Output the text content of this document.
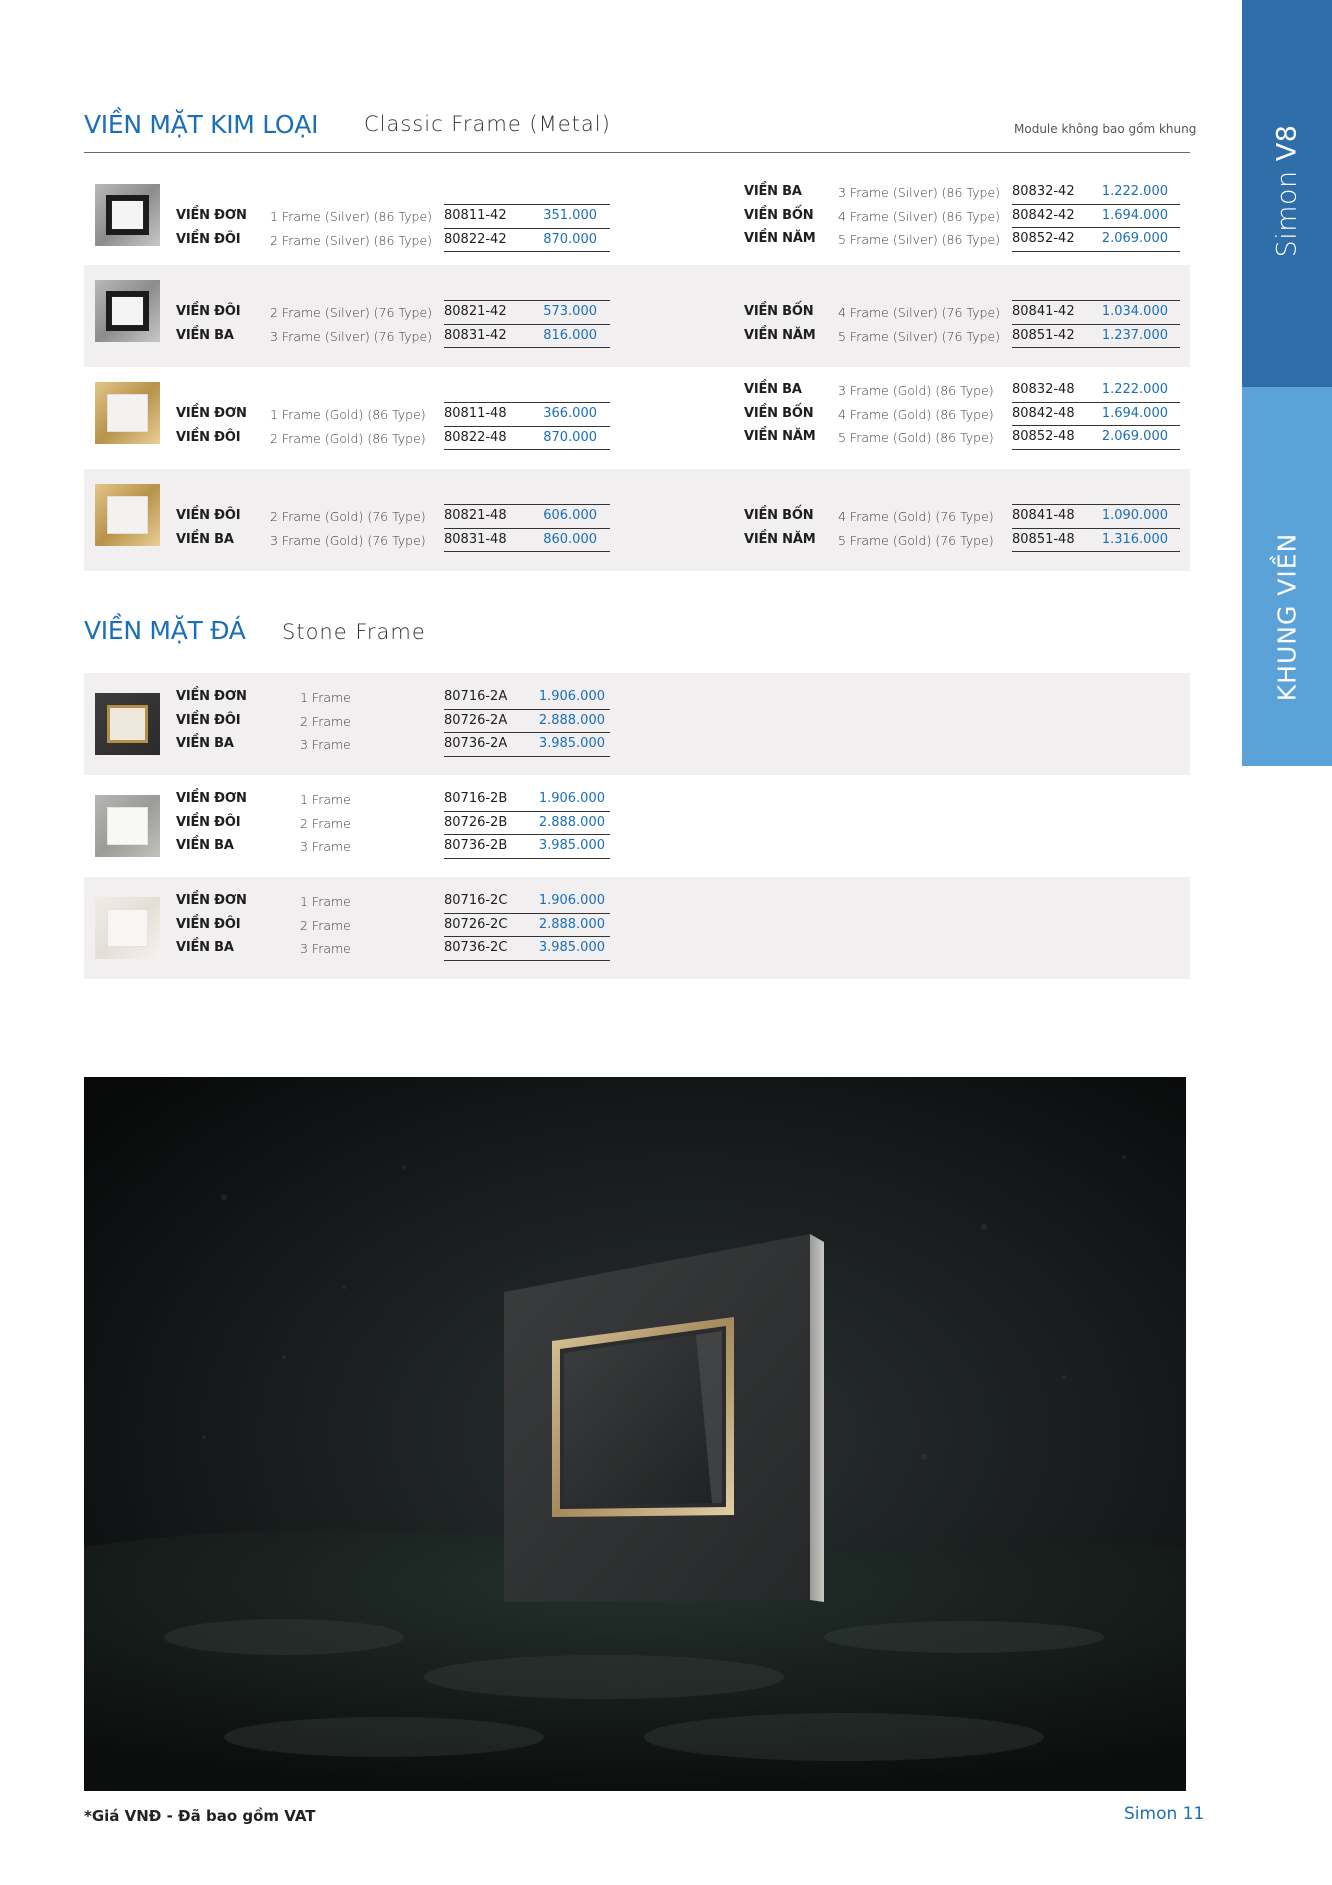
Simon V8
KHUNG VIỀN
VIỀN MẶT KIM LOẠI Classic Frame (Metal)	Module không bao gồm khung
VIỀN ĐƠN 1 Frame (Silver) (86 Type) 80811-42	351.000
VIỀN ĐÔI 2 Frame (Silver) (86 Type) 80822-42	870.000
VIỀN BA	3 Frame (Silver) (86 Type) 80832-42	1.222.000
VIỀN BỐN 4 Frame (Silver) (86 Type) 80842-42	1.694.000
VIỀN NĂM 5 Frame (Silver) (86 Type) 80852-42	2.069.000
VIỀN ĐÔI 2 Frame (Silver) (76 Type) 80821-42	573.000
VIỀN BA	3 Frame (Silver) (76 Type) 80831-42	816.000
VIỀN BỐN 4 Frame (Silver) (76 Type) 80841-42	1.034.000
VIỀN NĂM 5 Frame (Silver) (76 Type) 80851-42	1.237.000
VIỀN ĐƠN 1 Frame (Gold) (86 Type) 80811-48	366.000
VIỀN ĐÔI 2 Frame (Gold) (86 Type) 80822-48	870.000
VIỀN BA	3 Frame (Gold) (86 Type) 80832-48	1.222.000
VIỀN BỐN 4 Frame (Gold) (86 Type) 80842-48	1.694.000
VIỀN NĂM 5 Frame (Gold) (86 Type) 80852-48	2.069.000
VIỀN ĐÔI 2 Frame (Gold) (76 Type) 80821-48	606.000
VIỀN BA	3 Frame (Gold) (76 Type) 80831-48	860.000
VIỀN BỐN 4 Frame (Gold) (76 Type) 80841-48	1.090.000
VIỀN NĂM 5 Frame (Gold) (76 Type) 80851-48	1.316.000
VIỀN MẶT ĐÁ Stone Frame
VIỀN ĐƠN	1 Frame	80716-2A	1.906.000
VIỀN ĐÔI	2 Frame	80726-2A	2.888.000
VIỀN BA	3 Frame	80736-2A	3.985.000
VIỀN ĐƠN	1 Frame	80716-2B	1.906.000
VIỀN ĐÔI	2 Frame	80726-2B	2.888.000
VIỀN BA	3 Frame	80736-2B	3.985.000
VIỀN ĐƠN	1 Frame	80716-2C	1.906.000
VIỀN ĐÔI	2 Frame	80726-2C	2.888.000
VIỀN BA	3 Frame	80736-2C	3.985.000
*Giá VNĐ - Đã bao gồm VAT	Simon 11
